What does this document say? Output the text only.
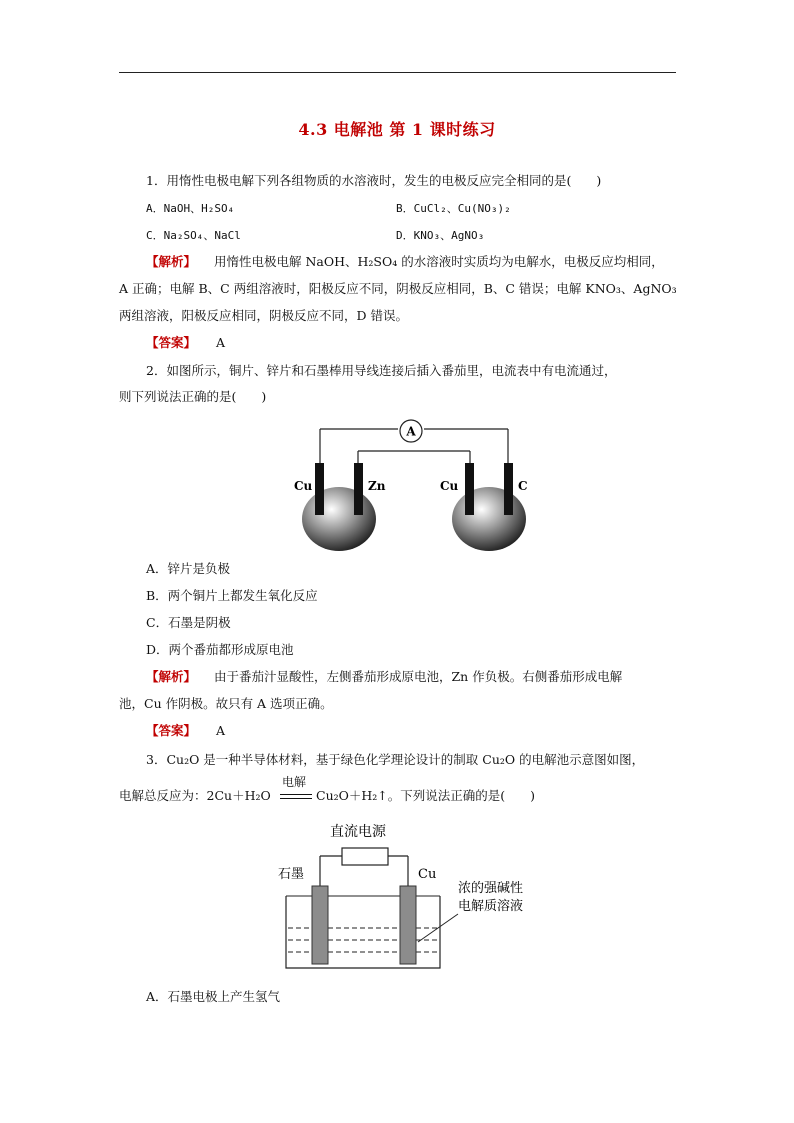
4.3 电解池 第 1 课时练习
1．用惰性电极电解下列各组物质的水溶液时，发生的电极反应完全相同的是(　　)
A．NaOH、H₂SO₄	B．CuCl₂、Cu(NO₃)₂
C．Na₂SO₄、NaCl	D．KNO₃、AgNO₃
【解析】 用惰性电极电解 NaOH、H₂SO₄ 的水溶液时实质均为电解水，电极反应均相同，
A 正确；电解 B、C 两组溶液时，阳极反应不同，阴极反应相同，B、C 错误；电解 KNO₃、AgNO₃
两组溶液，阳极反应相同，阴极反应不同，D 错误。
【答案】 A
2．如图所示，铜片、锌片和石墨棒用导线连接后插入番茄里，电流表中有电流通过，
则下列说法正确的是(　　)
A
Cu	Zn	Cu	C
A．锌片是负极
B．两个铜片上都发生氧化反应
C．石墨是阴极
D．两个番茄都形成原电池
【解析】 由于番茄汁显酸性，左侧番茄形成原电池，Zn 作负极。右侧番茄形成电解
池，Cu 作阴极。故只有 A 选项正确。
【答案】 A
3．Cu₂O 是一种半导体材料，基于绿色化学理论设计的制取 Cu₂O 的电解池示意图如图，
电解总反应为：2Cu＋H₂O
电解
Cu₂O＋H₂↑。下列说法正确的是(　　)
直流电源
石墨	Cu
浓的强碱性
电解质溶液
A．石墨电极上产生氢气
